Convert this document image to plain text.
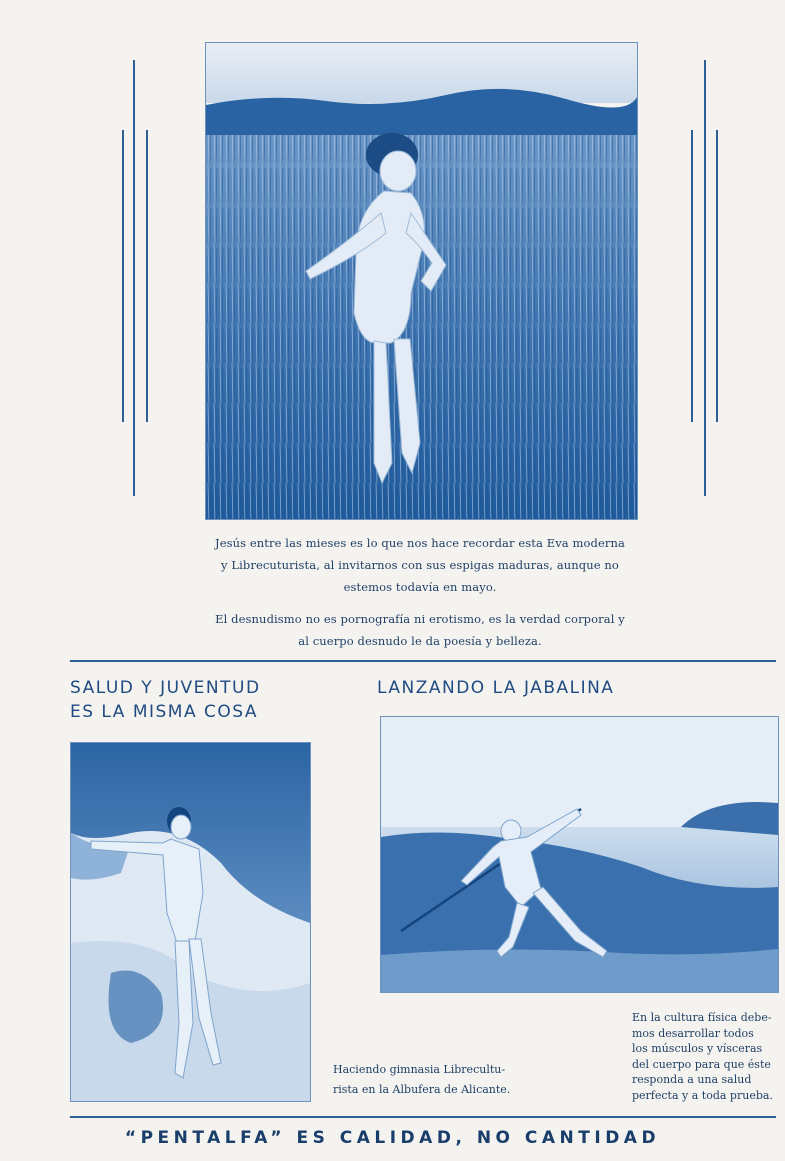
Jesús entre las mieses es lo que nos hace recordar esta Eva moderna
y Librecuturista, al invitarnos con sus espigas maduras, aunque no
estemos todavía en mayo.
El desnudismo no es pornografía ni erotismo, es la verdad corporal y
al cuerpo desnudo le da poesía y belleza.
SALUD Y JUVENTUD
ES LA MISMA COSA
LANZANDO LA JABALINA
Haciendo gimnasia Librecultu-
rista en la Albufera de Alicante.
En la cultura física debe-
mos desarrollar todos
los músculos y vísceras
del cuerpo para que éste
responda a una salud
perfecta y a toda prueba.
“PENTALFA” ES CALIDAD, NO CANTIDAD
